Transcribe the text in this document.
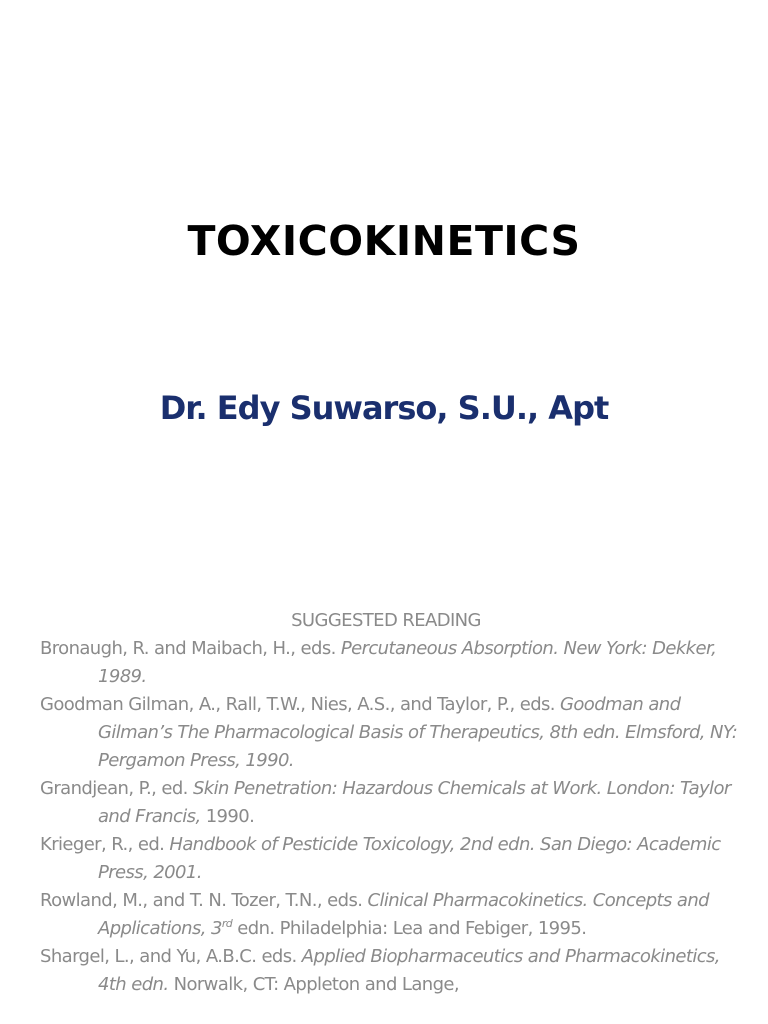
TOXICOKINETICS
Dr. Edy Suwarso, S.U., Apt

SUGGESTED READING

Bronaugh, R. and Maibach, H., eds. Percutaneous Absorption. New York: Dekker, 1989.

Goodman Gilman, A., Rall, T.W., Nies, A.S., and Taylor, P., eds. Goodman and Gilman’s The Pharmacological Basis of Therapeutics, 8th edn. Elmsford, NY: Pergamon Press, 1990.

Grandjean, P., ed. Skin Penetration: Hazardous Chemicals at Work. London: Taylor and Francis, 1990.

Krieger, R., ed. Handbook of Pesticide Toxicology, 2nd edn. San Diego: Academic Press, 2001.

Rowland, M., and T. N. Tozer, T.N., eds. Clinical Pharmacokinetics. Concepts and Applications, 3rd edn. Philadelphia: Lea and Febiger, 1995.

Shargel, L., and Yu, A.B.C. eds. Applied Biopharmaceutics and Pharmacokinetics, 4th edn. Norwalk, CT: Appleton and Lange,
